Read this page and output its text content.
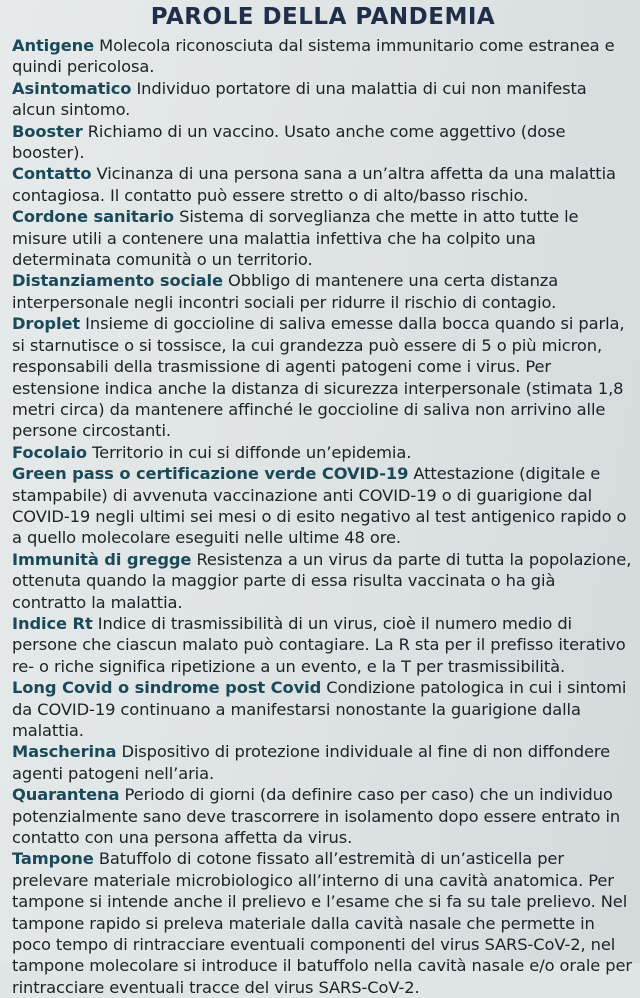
PAROLE DELLA PANDEMIA

Antigene Molecola riconosciuta dal sistema immunitario come estranea e quindi pericolosa.

Asintomatico Individuo portatore di una malattia di cui non manifesta alcun sintomo.

Booster Richiamo di un vaccino. Usato anche come aggettivo (dose booster).

Contatto Vicinanza di una persona sana a un’altra affetta da una malattia contagiosa. Il contatto può essere stretto o di alto/basso rischio.

Cordone sanitario Sistema di sorveglianza che mette in atto tutte le misure utili a contenere una malattia infettiva che ha colpito una determinata comunità o un territorio.

Distanziamento sociale Obbligo di mantenere una certa distanza interpersonale negli incontri sociali per ridurre il rischio di contagio.

Droplet Insieme di goccioline di saliva emesse dalla bocca quando si parla, si starnutisce o si tossisce, la cui grandezza può essere di 5 o più micron, responsabili della trasmissione di agenti patogeni come i virus. Per estensione indica anche la distanza di sicurezza interpersonale (stimata 1,8 metri circa) da mantenere affinché le goccioline di saliva non arrivino alle persone circostanti.

Focolaio Territorio in cui si diffonde un’epidemia.

Green pass o certificazione verde COVID-19 Attestazione (digitale e stampabile) di avvenuta vaccinazione anti COVID-19 o di guarigione dal COVID-19 negli ultimi sei mesi o di esito negativo al test antigenico rapido o a quello molecolare eseguiti nelle ultime 48 ore.

Immunità di gregge Resistenza a un virus da parte di tutta la popolazione, ottenuta quando la maggior parte di essa risulta vaccinata o ha già contratto la malattia.

Indice Rt Indice di trasmissibilità di un virus, cioè il numero medio di persone che ciascun malato può contagiare. La R sta per il prefisso iterativo re- o riche significa ripetizione a un evento, e la T per trasmissibilità.

Long Covid o sindrome post Covid Condizione patologica in cui i sintomi da COVID-19 continuano a manifestarsi nonostante la guarigione dalla malattia.

Mascherina Dispositivo di protezione individuale al fine di non diffondere agenti patogeni nell’aria.

Quarantena Periodo di giorni (da definire caso per caso) che un individuo potenzialmente sano deve trascorrere in isolamento dopo essere entrato in contatto con una persona affetta da virus.

Tampone Batuffolo di cotone fissato all’estremità di un’asticella per prelevare materiale microbiologico all’interno di una cavità anatomica. Per tampone si intende anche il prelievo e l’esame che si fa su tale prelievo. Nel tampone rapido si preleva materiale dalla cavità nasale che permette in poco tempo di rintracciare eventuali componenti del virus SARS-CoV-2, nel tampone molecolare si introduce il batuffolo nella cavità nasale e/o orale per rintracciare eventuali tracce del virus SARS-CoV-2.
